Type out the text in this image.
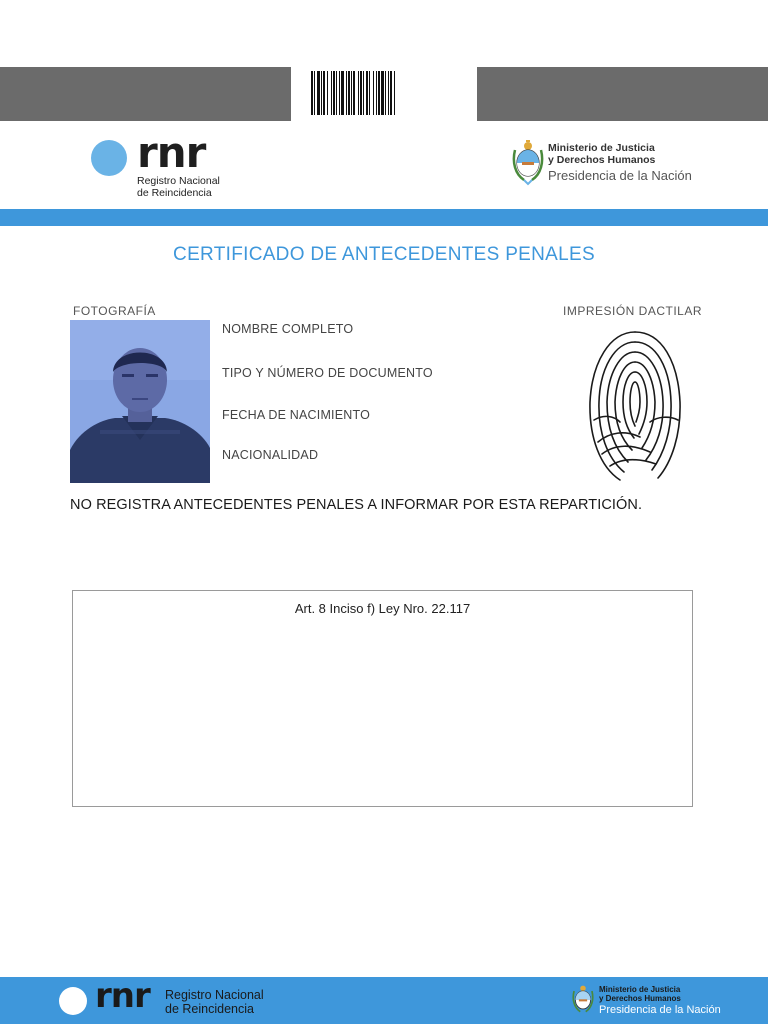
rnr
Registro Nacional
de Reincidencia
Ministerio de Justicia
y Derechos Humanos
Presidencia de la Nación
CERTIFICADO DE ANTECEDENTES PENALES
FOTOGRAFÍA	IMPRESIÓN DACTILAR
NOMBRE COMPLETO
TIPO Y NÚMERO DE DOCUMENTO
FECHA DE NACIMIENTO
NACIONALIDAD
NO REGISTRA ANTECEDENTES PENALES A INFORMAR POR ESTA REPARTICIÓN.
Art. 8 Inciso f) Ley Nro. 22.117
rnr Registro Nacional
de Reincidencia
Ministerio de Justicia
y Derechos Humanos
Presidencia de la Nación
